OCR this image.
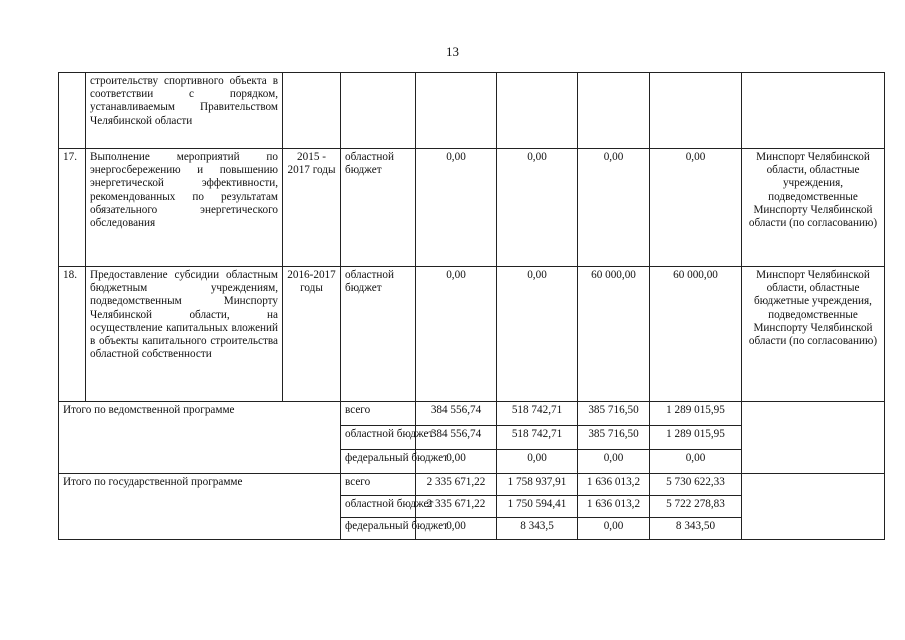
13
	строительству спортивного объекта в соответствии с порядком, устанавливаемым Правительством Челябинской области							
17.	Выполнение мероприятий по энергосбережению и повышению энергетической эффективности, рекомендованных по результатам обязательного энергетического обследования	2015 - 2017 годы	областной бюджет	0,00	0,00	0,00	0,00	Минспорт Челябинской области, областные учреждения, подведомственные Минспорту Челябинской области (по согласованию)
18.	Предоставление субсидии областным бюджетным учреждениям, подведомственным Минспорту Челябинской области, на осуществление капитальных вложений в объекты капитального строительства областной собственности	2016-2017 годы	областной бюджет	0,00	0,00	60 000,00	60 000,00	Минспорт Челябинской области, областные бюджетные учреждения, подведомственные Минспорту Челябинской области (по согласованию)
Итого по ведомственной программе			всего	384 556,74	518 742,71	385 716,50	1 289 015,95	
			областной бюджет	384 556,74	518 742,71	385 716,50	1 289 015,95	
			федеральный бюджет	0,00	0,00	0,00	0,00	
Итого по государственной программе			всего	2 335 671,22	1 758 937,91	1 636 013,2	5 730 622,33	
			областной бюджет	2 335 671,22	1 750 594,41	1 636 013,2	5 722 278,83	
			федеральный бюджет	0,00	8 343,5	0,00	8 343,50	
